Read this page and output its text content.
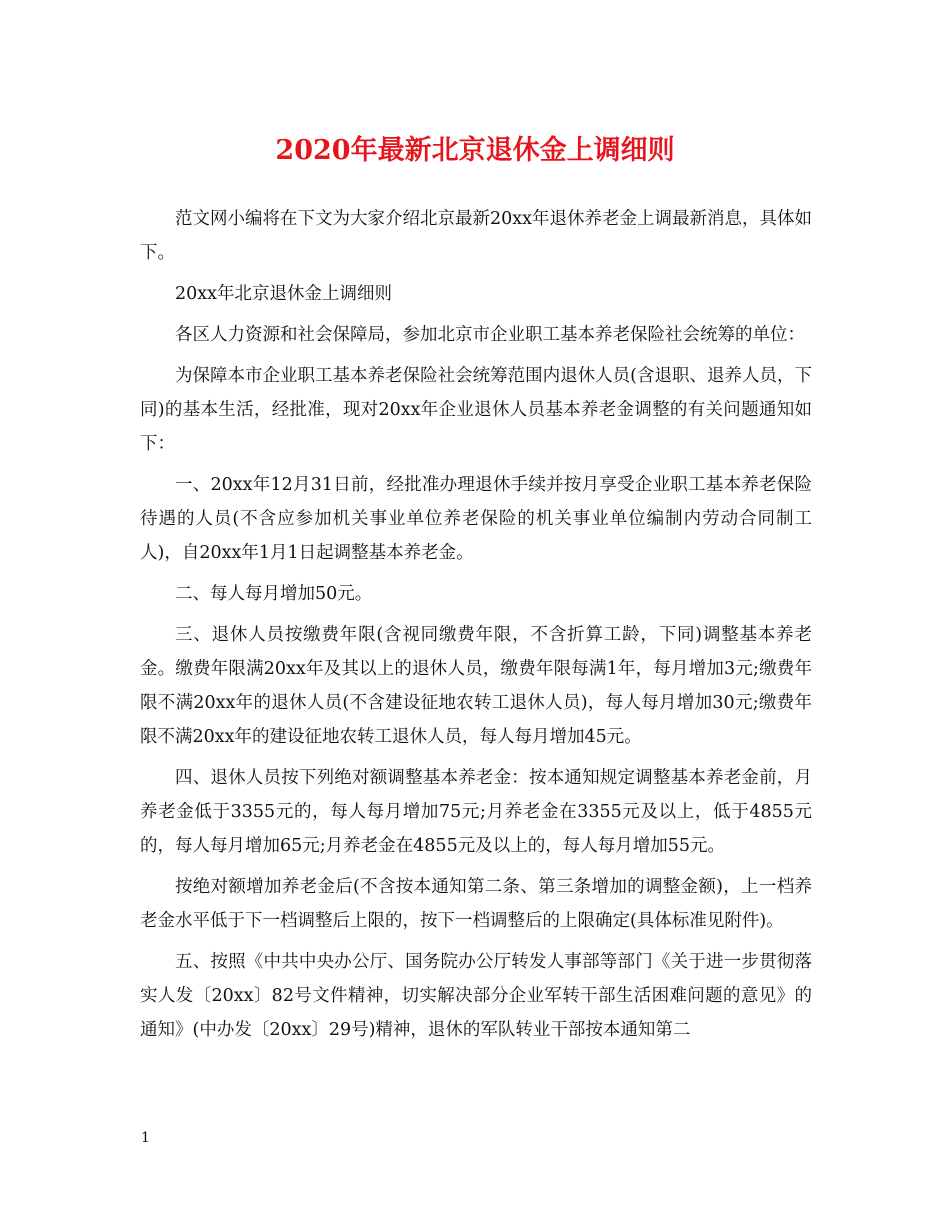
2020年最新北京退休金上调细则

范文网小编将在下文为大家介绍北京最新20xx年退休养老金上调最新消息，具体如下。

20xx年北京退休金上调细则

各区人力资源和社会保障局，参加北京市企业职工基本养老保险社会统筹的单位：

为保障本市企业职工基本养老保险社会统筹范围内退休人员(含退职、退养人员，下同)的基本生活，经批准，现对20xx年企业退休人员基本养老金调整的有关问题通知如下：

一、20xx年12月31日前，经批准办理退休手续并按月享受企业职工基本养老保险待遇的人员(不含应参加机关事业单位养老保险的机关事业单位编制内劳动合同制工人)，自20xx年1月1日起调整基本养老金。

二、每人每月增加50元。

三、退休人员按缴费年限(含视同缴费年限，不含折算工龄，下同)调整基本养老金。缴费年限满20xx年及其以上的退休人员，缴费年限每满1年，每月增加3元;缴费年限不满20xx年的退休人员(不含建设征地农转工退休人员)，每人每月增加30元;缴费年限不满20xx年的建设征地农转工退休人员，每人每月增加45元。

四、退休人员按下列绝对额调整基本养老金：按本通知规定调整基本养老金前，月养老金低于3355元的，每人每月增加75元;月养老金在3355元及以上，低于4855元的，每人每月增加65元;月养老金在4855元及以上的，每人每月增加55元。

按绝对额增加养老金后(不含按本通知第二条、第三条增加的调整金额)，上一档养老金水平低于下一档调整后上限的，按下一档调整后的上限确定(具体标准见附件)。

五、按照《中共中央办公厅、国务院办公厅转发人事部等部门《关于进一步贯彻落实人发〔20xx〕82号文件精神，切实解决部分企业军转干部生活困难问题的意见》的通知》(中办发〔20xx〕29号)精神，退休的军队转业干部按本通知第二

1
